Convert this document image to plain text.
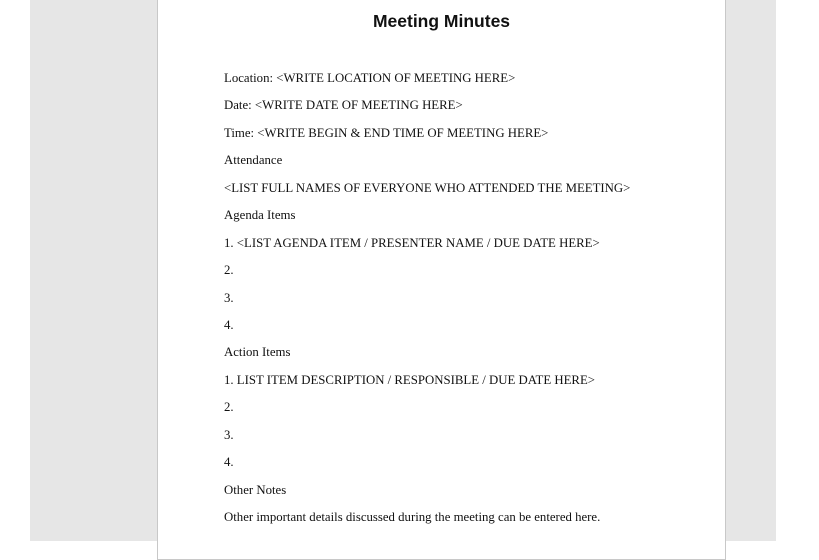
Meeting Minutes
Location: <WRITE LOCATION OF MEETING HERE>
Date: <WRITE DATE OF MEETING HERE>
Time: <WRITE BEGIN & END TIME OF MEETING HERE>
Attendance
<LIST FULL NAMES OF EVERYONE WHO ATTENDED THE MEETING>
Agenda Items
1. <LIST AGENDA ITEM / PRESENTER NAME / DUE DATE HERE>
2.
3.
4.
Action Items
1. LIST ITEM DESCRIPTION / RESPONSIBLE / DUE DATE HERE>
2.
3.
4.
Other Notes
Other important details discussed during the meeting can be entered here.
